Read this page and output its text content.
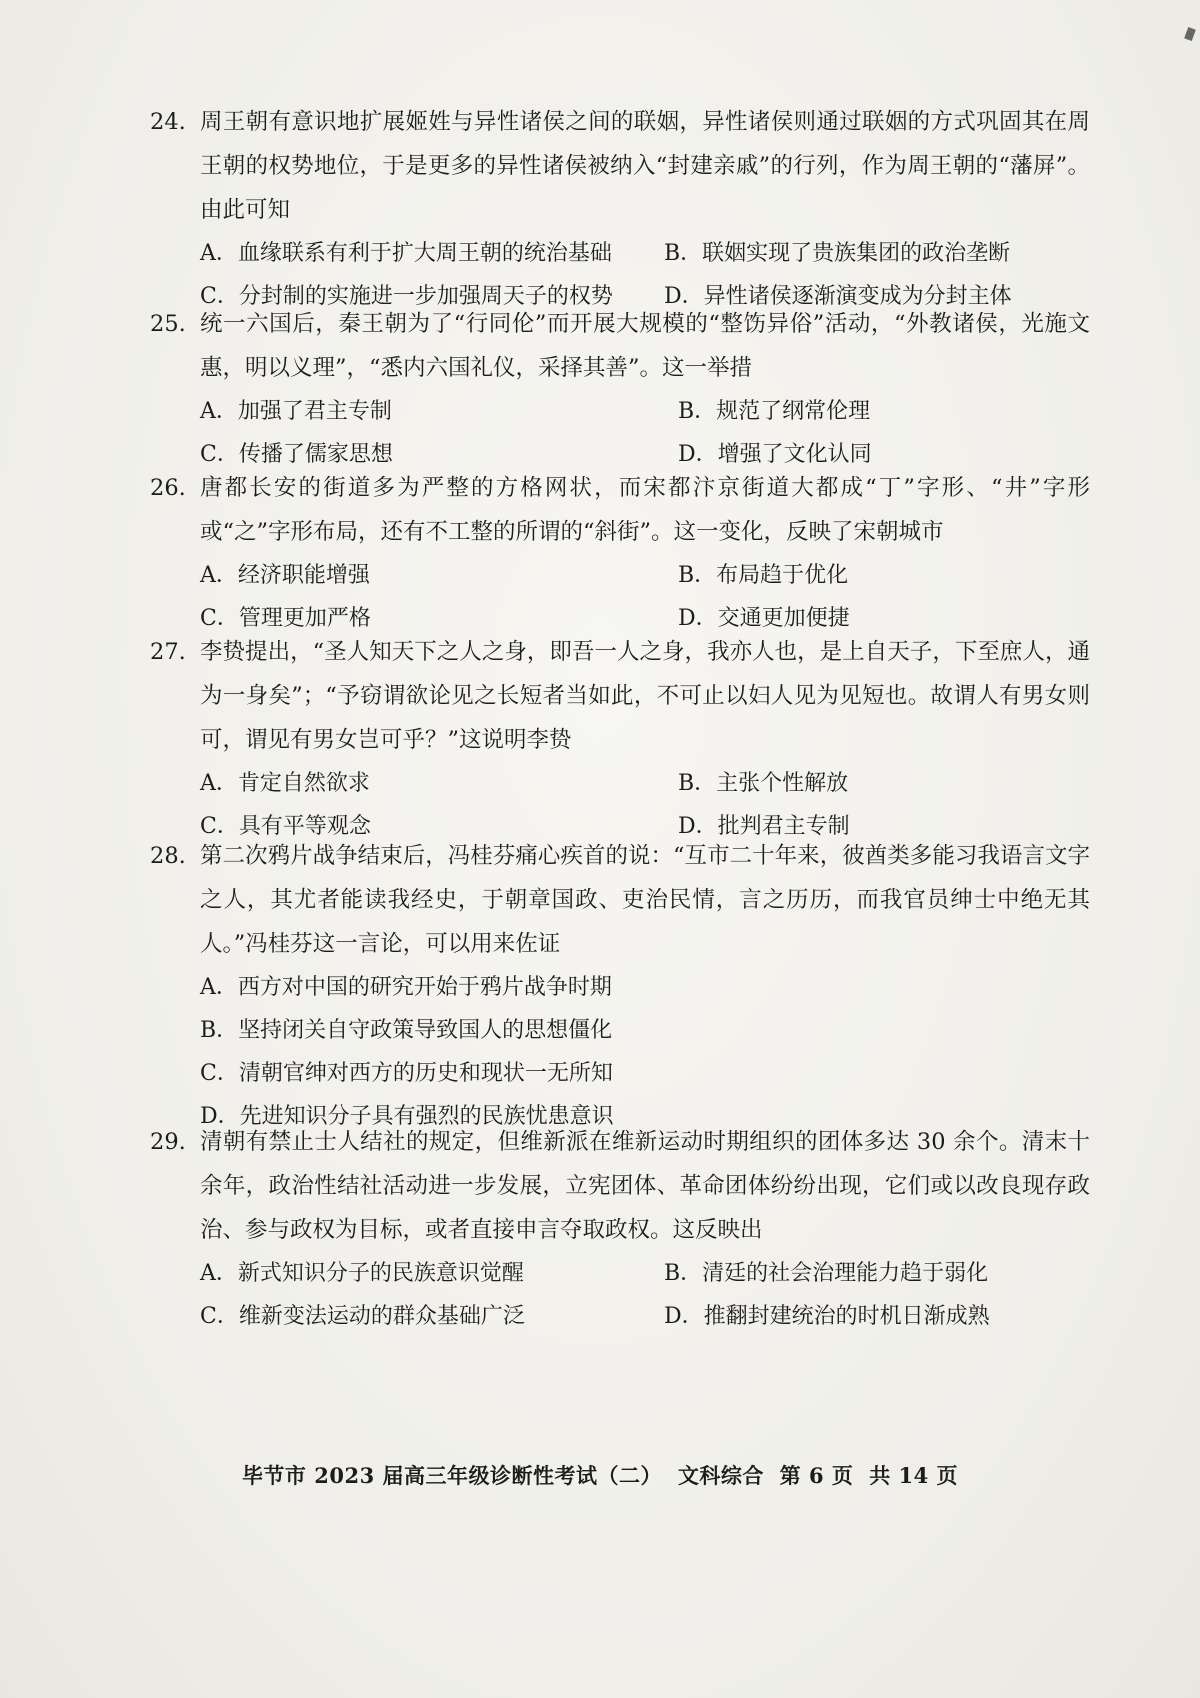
24. 周王朝有意识地扩展姬姓与异性诸侯之间的联姻，异性诸侯则通过联姻的方式巩固其在周王朝的权势地位，于是更多的异性诸侯被纳入“封建亲戚”的行列，作为周王朝的“藩屏”。由此可知
A．血缘联系有利于扩大周王朝的统治基础 B．联姻实现了贵族集团的政治垄断
C．分封制的实施进一步加强周天子的权势 D．异性诸侯逐渐演变成为分封主体
25. 统一六国后，秦王朝为了“行同伦”而开展大规模的“整饬异俗”活动，“外教诸侯，光施文惠，明以义理”，“悉内六国礼仪，采择其善”。这一举措
A．加强了君主专制	B．规范了纲常伦理
C．传播了儒家思想	D．增强了文化认同
26. 唐都长安的街道多为严整的方格网状，而宋都汴京街道大都成“丁”字形、“井”字形或“之”字形布局，还有不工整的所谓的“斜街”。这一变化，反映了宋朝城市
A．经济职能增强	B．布局趋于优化
C．管理更加严格	D．交通更加便捷
27. 李贽提出，“圣人知天下之人之身，即吾一人之身，我亦人也，是上自天子，下至庶人，通为一身矣”；“予窃谓欲论见之长短者当如此，不可止以妇人见为见短也。故谓人有男女则可，谓见有男女岂可乎？”这说明李贽
A．肯定自然欲求	B．主张个性解放
C．具有平等观念	D．批判君主专制
28. 第二次鸦片战争结束后，冯桂芬痛心疾首的说：“互市二十年来，彼酋类多能习我语言文字之人，其尤者能读我经史，于朝章国政、吏治民情，言之历历，而我官员绅士中绝无其人。”冯桂芬这一言论，可以用来佐证
A．西方对中国的研究开始于鸦片战争时期
B．坚持闭关自守政策导致国人的思想僵化
C．清朝官绅对西方的历史和现状一无所知
D．先进知识分子具有强烈的民族忧患意识
29. 清朝有禁止士人结社的规定，但维新派在维新运动时期组织的团体多达 30 余个。清末十余年，政治性结社活动进一步发展，立宪团体、革命团体纷纷出现，它们或以改良现存政治、参与政权为目标，或者直接申言夺取政权。这反映出
A．新式知识分子的民族意识觉醒	B．清廷的社会治理能力趋于弱化
C．维新变法运动的群众基础广泛	D．推翻封建统治的时机日渐成熟
毕节市 2023 届高三年级诊断性考试（二） 文科综合 第 6 页 共 14 页
